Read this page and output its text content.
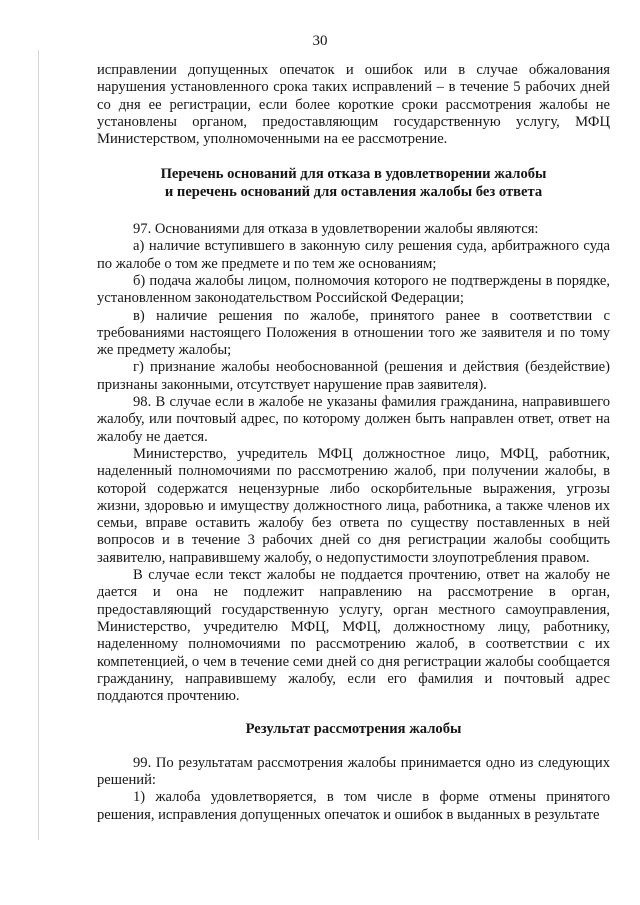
30

исправлении допущенных опечаток и ошибок или в случае обжалования нарушения установленного срока таких исправлений – в течение 5 рабочих дней со дня ее регистрации, если более короткие сроки рассмотрения жалобы не установлены органом, предоставляющим государственную услугу, МФЦ Министерством, уполномоченными на ее рассмотрение.

Перечень оснований для отказа в удовлетворении жалобы
и перечень оснований для оставления жалобы без ответа

97. Основаниями для отказа в удовлетворении жалобы являются:

а) наличие вступившего в законную силу решения суда, арбитражного суда по жалобе о том же предмете и по тем же основаниям;

б) подача жалобы лицом, полномочия которого не подтверждены в порядке, установленном законодательством Российской Федерации;

в) наличие решения по жалобе, принятого ранее в соответствии с требованиями настоящего Положения в отношении того же заявителя и по тому же предмету жалобы;

г) признание жалобы необоснованной (решения и действия (бездействие) признаны законными, отсутствует нарушение прав заявителя).

98. В случае если в жалобе не указаны фамилия гражданина, направившего жалобу, или почтовый адрес, по которому должен быть направлен ответ, ответ на жалобу не дается.

Министерство, учредитель МФЦ должностное лицо, МФЦ, работник, наделенный полномочиями по рассмотрению жалоб, при получении жалобы, в которой содержатся нецензурные либо оскорбительные выражения, угрозы жизни, здоровью и имуществу должностного лица, работника, а также членов их семьи, вправе оставить жалобу без ответа по существу поставленных в ней вопросов и в течение 3 рабочих дней со дня регистрации жалобы сообщить заявителю, направившему жалобу, о недопустимости злоупотребления правом.

В случае если текст жалобы не поддается прочтению, ответ на жалобу не дается и она не подлежит направлению на рассмотрение в орган, предоставляющий государственную услугу, орган местного самоуправления, Министерство, учредителю МФЦ, МФЦ, должностному лицу, работнику, наделенному полномочиями по рассмотрению жалоб, в соответствии с их компетенцией, о чем в течение семи дней со дня регистрации жалобы сообщается гражданину, направившему жалобу, если его фамилия и почтовый адрес поддаются прочтению.

Результат рассмотрения жалобы

99. По результатам рассмотрения жалобы принимается одно из следующих решений:

1) жалоба удовлетворяется, в том числе в форме отмены принятого решения, исправления допущенных опечаток и ошибок в выданных в результате
